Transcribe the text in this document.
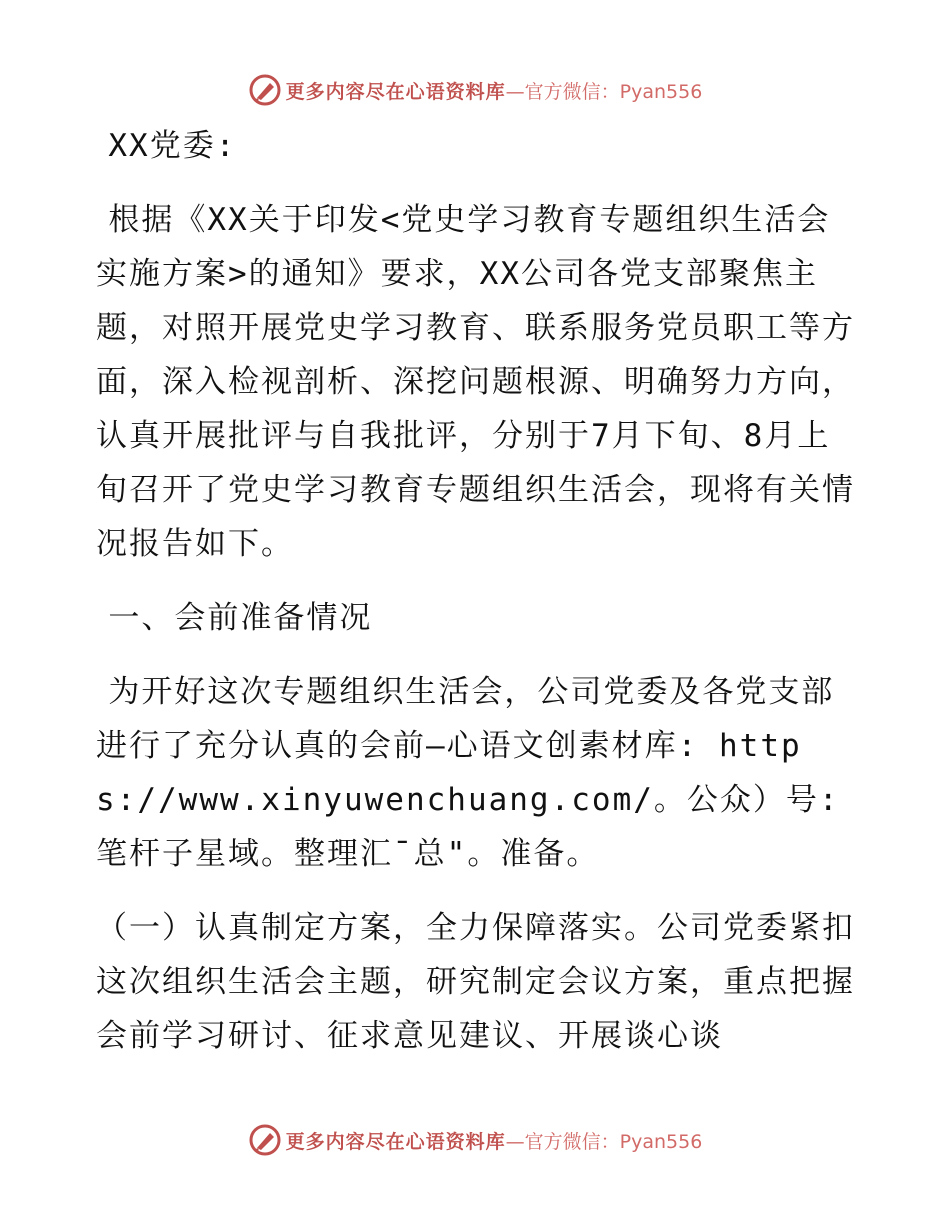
更多内容尽在心语资料库 —官方微信：Pyan556

XX党委:

根据《XX关于印发<党史学习教育专题组织生活会实施方案>的通知》要求，XX公司各党支部聚焦主题，对照开展党史学习教育、联系服务党员职工等方面，深入检视剖析、深挖问题根源、明确努力方向，认真开展批评与自我批评，分别于7月下旬、8月上旬召开了党史学习教育专题组织生活会，现将有关情况报告如下。

一、会前准备情况

为开好这次专题组织生活会，公司党委及各党支部进行了充分认真的会前—心语文创素材库: https://www.xinyuwenchuang.com/。公众）号: 笔杆子星域。整理汇¯总"。准备。

（一）认真制定方案，全力保障落实。公司党委紧扣这次组织生活会主题，研究制定会议方案，重点把握会前学习研讨、征求意见建议、开展谈心谈

更多内容尽在心语资料库 —官方微信：Pyan556
